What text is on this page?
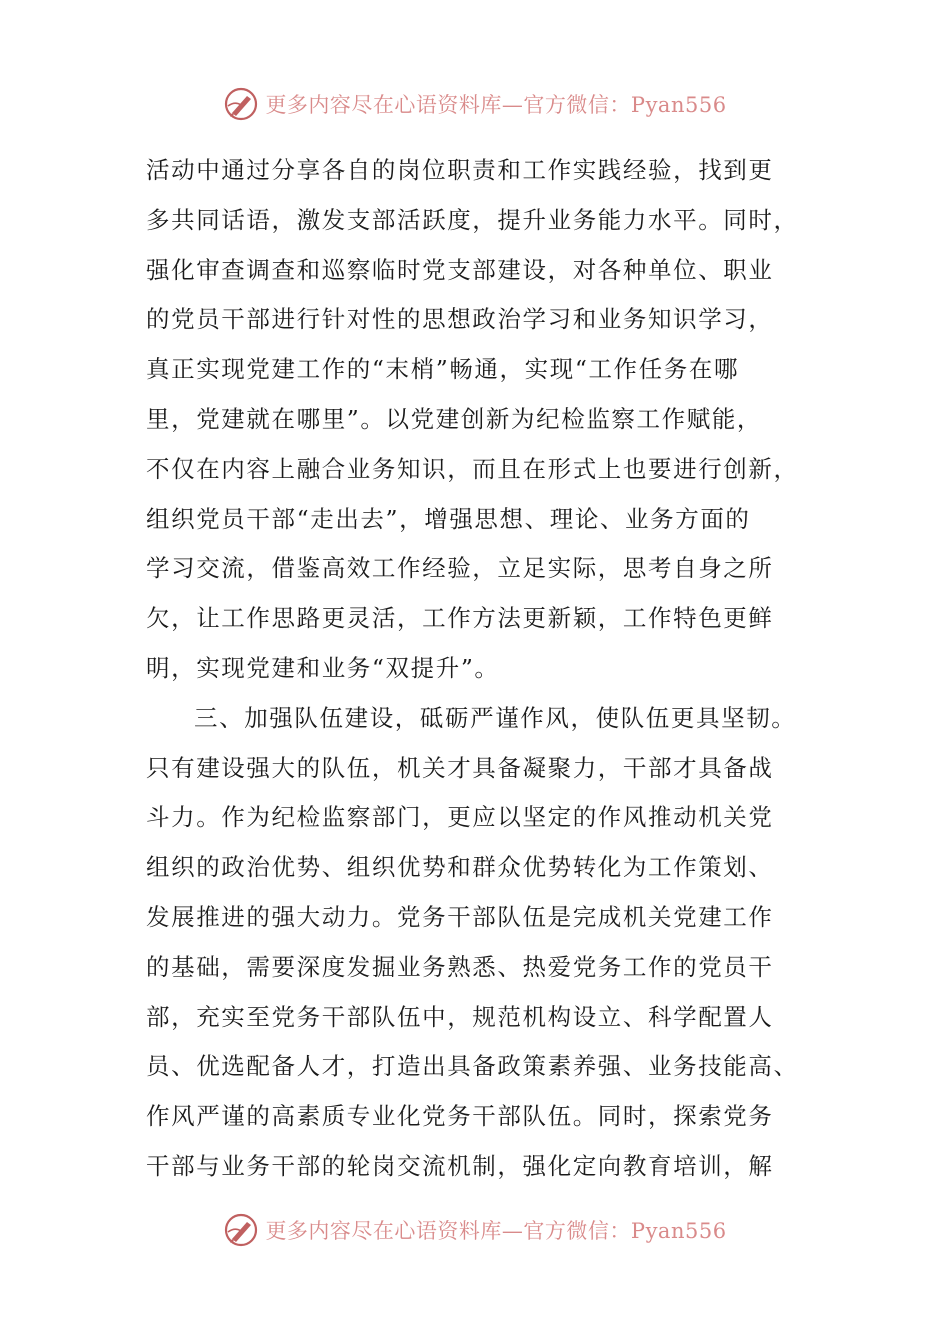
更多内容尽在心语资料库—官方微信：Pyan556
活动中通过分享各自的岗位职责和工作实践经验，找到更
多共同话语，激发支部活跃度，提升业务能力水平。同时，
强化审查调查和巡察临时党支部建设，对各种单位、职业
的党员干部进行针对性的思想政治学习和业务知识学习，
真正实现党建工作的“末梢”畅通，实现“工作任务在哪
里，党建就在哪里”。以党建创新为纪检监察工作赋能，
不仅在内容上融合业务知识，而且在形式上也要进行创新，
组织党员干部“走出去”，增强思想、理论、业务方面的
学习交流，借鉴高效工作经验，立足实际，思考自身之所
欠，让工作思路更灵活，工作方法更新颖，工作特色更鲜
明，实现党建和业务“双提升”。
三、加强队伍建设，砥砺严谨作风，使队伍更具坚韧。
只有建设强大的队伍，机关才具备凝聚力，干部才具备战
斗力。作为纪检监察部门，更应以坚定的作风推动机关党
组织的政治优势、组织优势和群众优势转化为工作策划、
发展推进的强大动力。党务干部队伍是完成机关党建工作
的基础，需要深度发掘业务熟悉、热爱党务工作的党员干
部，充实至党务干部队伍中，规范机构设立、科学配置人
员、优选配备人才，打造出具备政策素养强、业务技能高、
作风严谨的高素质专业化党务干部队伍。同时，探索党务
干部与业务干部的轮岗交流机制，强化定向教育培训，解
更多内容尽在心语资料库—官方微信：Pyan556
